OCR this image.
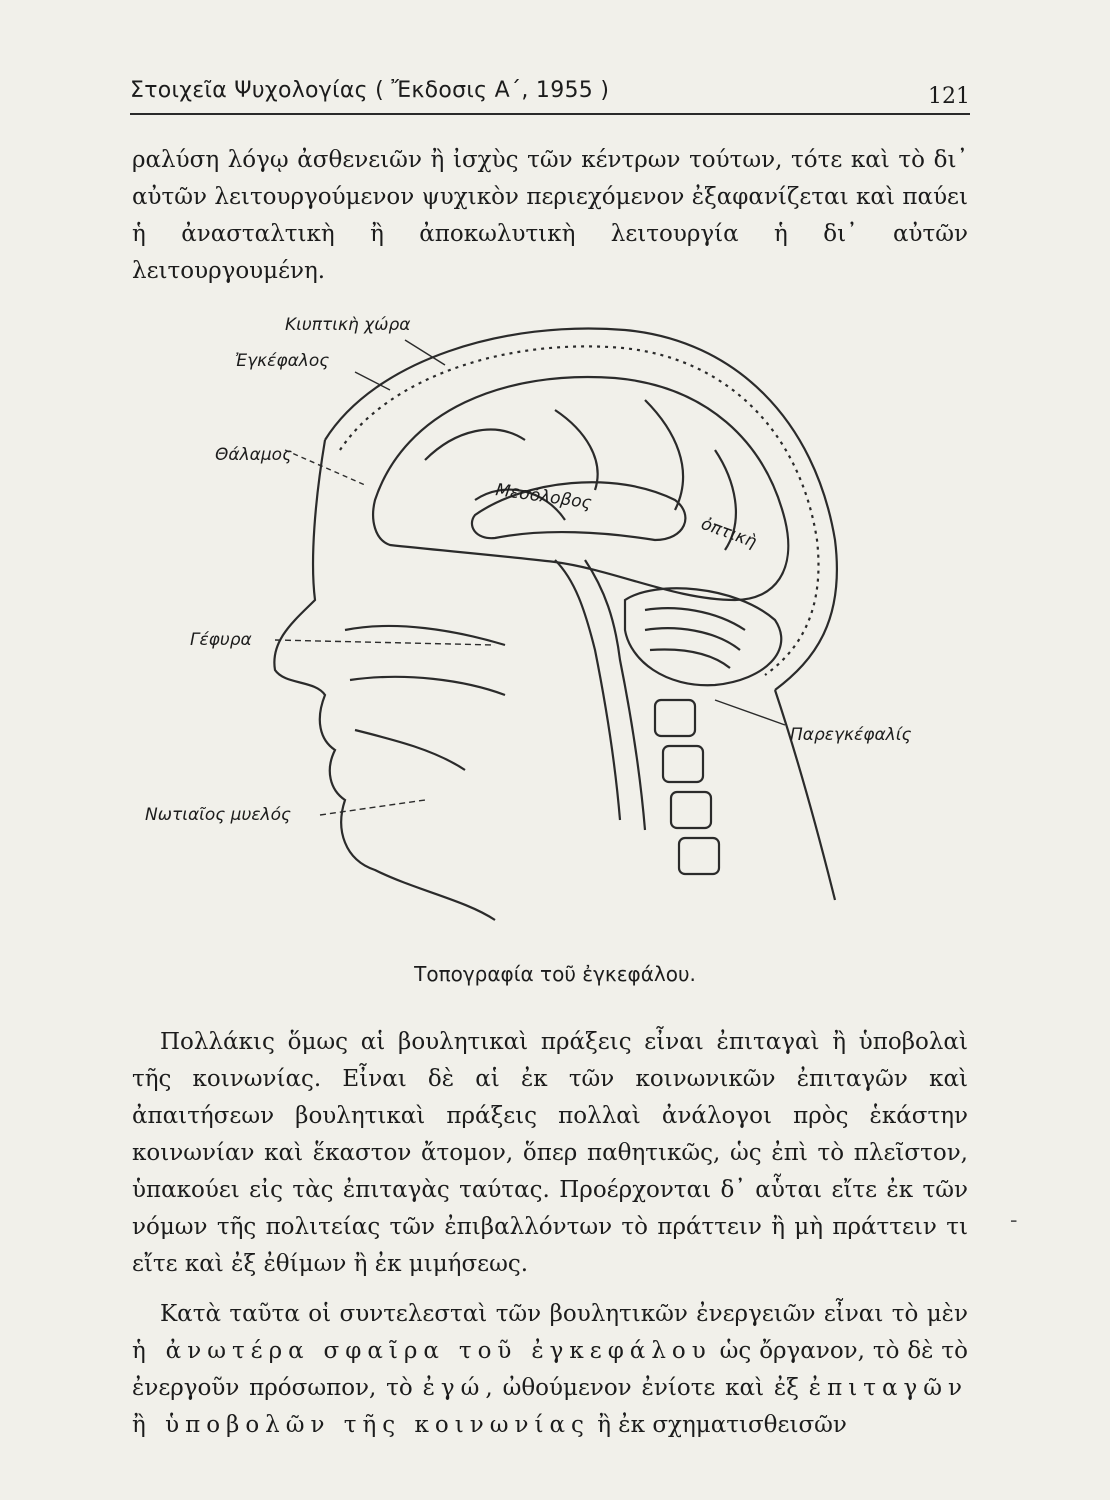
Στοιχεῖα Ψυχολογίας ( Ἔκδοσις Α΄, 1955 )	121

ραλύση λόγῳ ἀσθενειῶν ἢ ἰσχὺς τῶν κέντρων τούτων, τότε καὶ τὸ δι᾿ αὐτῶν λειτουργούμενον ψυχικὸν περιεχόμενον ἐξαφανίζεται καὶ παύει ἡ ἀνασταλτικὴ ἢ ἀποκωλυτικὴ λειτουργία ἡ δι᾿ αὐτῶν λειτουργουμένη.

Κιυπτικὴ χώρα
Ἐγκέφαλος
Θάλαμος
Μεσόλοβος
ὀπτικὴ
Γέφυρα
Παρεγκέφαλίς
Νωτιαῖος μυελός
Τοπογραφία τοῦ ἐγκεφάλου.

Πολλάκις ὅμως αἱ βουλητικαὶ πράξεις εἶναι ἐπιταγαὶ ἢ ὑποβολαὶ τῆς κοινωνίας. Εἶναι δὲ αἱ ἐκ τῶν κοινωνικῶν ἐπιταγῶν καὶ ἀπαιτήσεων βουλητικαὶ πράξεις πολλαὶ ἀνάλογοι πρὸς ἑκάστην κοινωνίαν καὶ ἕκαστον ἄτομον, ὅπερ παθητικῶς, ὡς ἐπὶ τὸ πλεῖστον, ὑπακούει εἰς τὰς ἐπιταγὰς ταύτας. Προέρχονται δ᾿ αὗται εἴτε ἐκ τῶν νόμων τῆς πολιτείας τῶν ἐπιβαλλόντων τὸ πράττειν ἢ μὴ πράττειν τι εἴτε καὶ ἐξ ἐθίμων ἢ ἐκ μιμήσεως.

Κατὰ ταῦτα οἱ συντελεσταὶ τῶν βουλητικῶν ἐνεργειῶν εἶναι τὸ μὲν ἡ ἀνωτέρα σφαῖρα τοῦ ἐγκεφάλου ὡς ὄργανον, τὸ δὲ τὸ ἐνεργοῦν πρόσωπον, τὸ ἐγώ, ὠθούμενον ἐνίοτε καὶ ἐξ ἐπιταγῶν ἢ ὑποβολῶν τῆς κοινωνίας ἢ ἐκ σχηματισθεισῶν

‑
